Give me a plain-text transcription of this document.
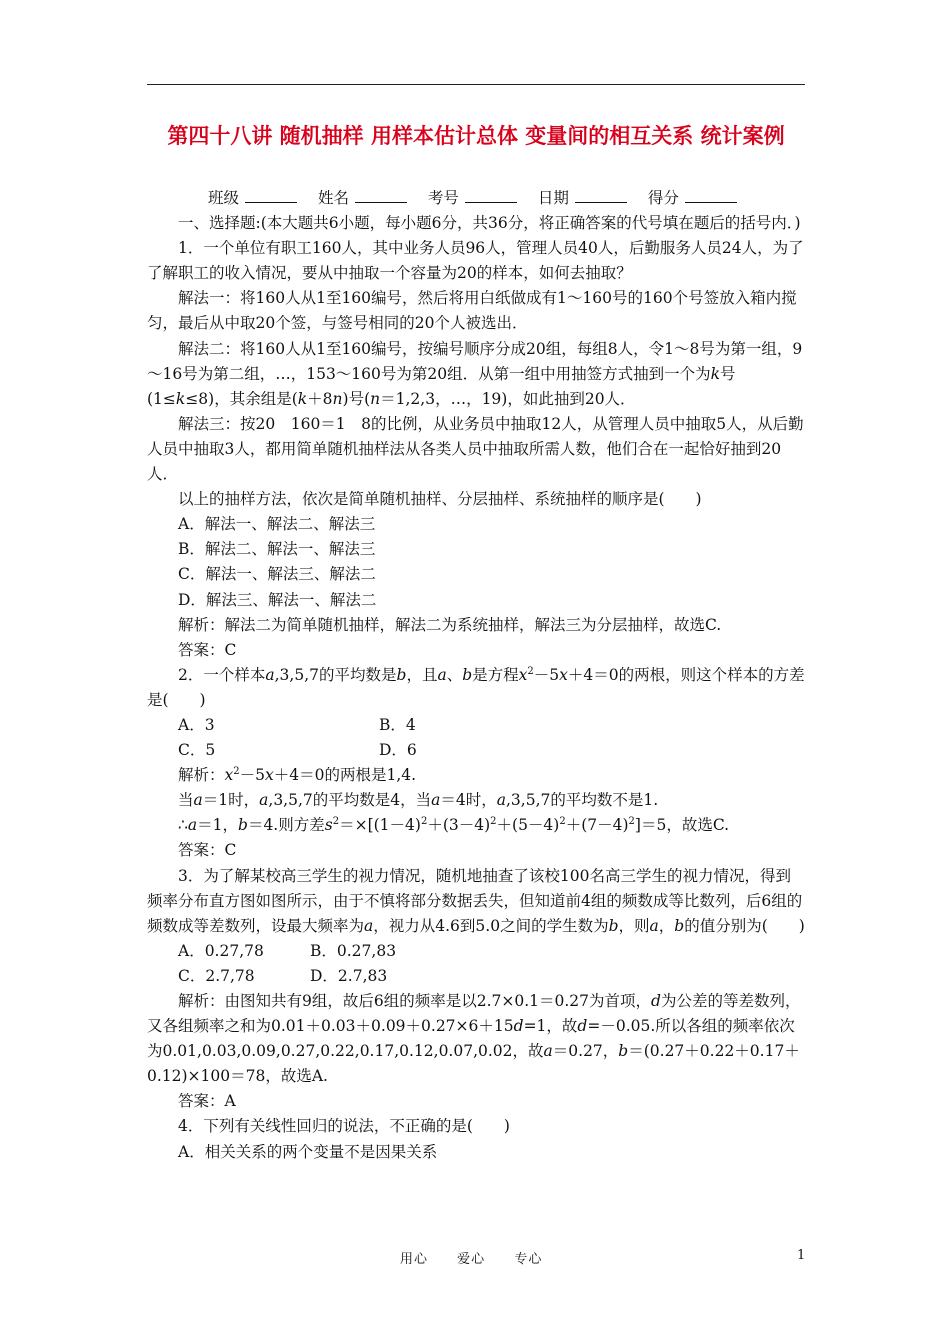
第四十八讲 随机抽样 用样本估计总体 变量间的相互关系 统计案例

班级	姓名	考号	日期	得分

一、选择题:(本大题共6小题，每小题6分，共36分，将正确答案的代号填在题后的括号内．)

1．一个单位有职工160人，其中业务人员96人，管理人员40人，后勤服务人员24人，为了了解职工的收入情况，要从中抽取一个容量为20的样本，如何去抽取？

解法一：将160人从1至160编号，然后将用白纸做成有1～160号的160个号签放入箱内搅匀，最后从中取20个签，与签号相同的20个人被选出．

解法二：将160人从1至160编号，按编号顺序分成20组，每组8人，令1～8号为第一组，9～16号为第二组，…，153～160号为第20组．从第一组中用抽签方式抽到一个为k号(1≤k≤8)，其余组是(k＋8n)号(n＝1,2,3，…，19)，如此抽到20人．

解法三：按20　160＝1　8的比例，从业务员中抽取12人，从管理人员中抽取5人，从后勤人员中抽取3人，都用简单随机抽样法从各类人员中抽取所需人数，他们合在一起恰好抽到20人．

以上的抽样方法，依次是简单随机抽样、分层抽样、系统抽样的顺序是(　　)

A．解法一、解法二、解法三

B．解法二、解法一、解法三

C．解法一、解法三、解法二

D．解法三、解法一、解法二

解析：解法二为简单随机抽样，解法二为系统抽样，解法三为分层抽样，故选C.

答案：C

2．一个样本a,3,5,7的平均数是b，且a、b是方程$x^2-5x+4=0$的两根，则这个样本的方差是(　　)

A．3	B．4

C．5	D．6

解析：$x^2-5x+4=0$的两根是1,4.

当a＝1时，a,3,5,7的平均数是4，当a＝4时，a,3,5,7的平均数不是1.

∴a＝1，b＝4.则方差$s^2=\times[(1-4)^2+(3-4)^2+(5-4)^2+(7-4)^2]=5$，故选C.

答案：C

3．为了解某校高三学生的视力情况，随机地抽查了该校100名高三学生的视力情况，得到频率分布直方图如图所示，由于不慎将部分数据丢失，但知道前4组的频数成等比数列，后6组的频数成等差数列，设最大频率为a，视力从4.6到5.0之间的学生数为b，则a，b的值分别为(　　)

A．0.27,78	B．0.27,83

C．2.7,78	D．2.7,83

解析：由图知共有9组，故后6组的频率是以2.7×0.1＝0.27为首项，d为公差的等差数列，又各组频率之和为0.01＋0.03＋0.09＋0.27×6＋15d=1，故d=－0.05.所以各组的频率依次为0.01,0.03,0.09,0.27,0.22,0.17,0.12,0.07,0.02，故a＝0.27，b＝(0.27＋0.22＋0.17＋0.12)×100＝78，故选A.

答案：A

4．下列有关线性回归的说法，不正确的是(　　)

A．相关关系的两个变量不是因果关系

用心 爱心 专心	1
